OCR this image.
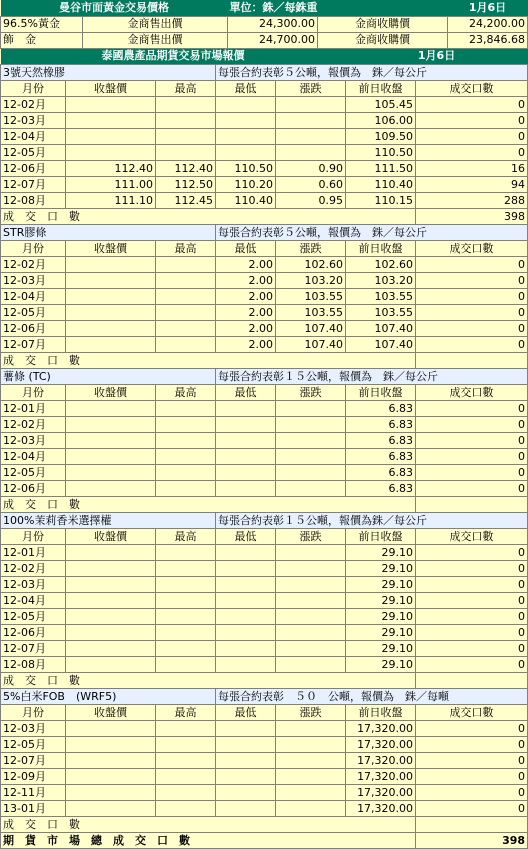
曼谷市面黃金交易價格		單位：銖／每銖重		1月6日
96.5%黃金	金商售出價	24,300.00	金商收購價	24,200.00
飾　金	金商售出價	24,700.00	金商收購價	23,846.68
泰國農產品期貨交易市場報價					1月6日	
3號天然橡膠			每張合約表彰５公噸，報價為　銖／每公斤			
月份	收盤價	最高	最低	漲跌	前日收盤	成交口數
12-02月					105.45	0
12-03月					106.00	0
12-04月					109.50	0
12-05月					110.50	0
12-06月	112.40	112.40	110.50	0.90	111.50	16
12-07月	111.00	112.50	110.20	0.60	110.40	94
12-08月	111.10	112.45	110.40	0.95	110.15	288
成　交　口　數						398
STR膠條			每張合約表彰５公噸，報價為　銖／每公斤			
月份	收盤價	最高	最低	漲跌	前日收盤	成交口數
12-02月			2.00	102.60	102.60	0
12-03月			2.00	103.20	103.20	0
12-04月			2.00	103.55	103.55	0
12-05月			2.00	103.55	103.55	0
12-06月			2.00	107.40	107.40	0
12-07月			2.00	107.40	107.40	0
成　交　口　數						
薯條 (TC)			每張合約表彰１５公噸，報價為　銖／每公斤			
月份	收盤價	最高	最低	漲跌	前日收盤	成交口數
12-01月					6.83	0
12-02月					6.83	0
12-03月					6.83	0
12-04月					6.83	0
12-05月					6.83	0
12-06月					6.83	0
成　交　口　數						
100%茉莉香米選擇權			每張合約表彰１５公噸，報價為銖／每公斤			
月份	收盤價	最高	最低	漲跌	前日收盤	成交口數
12-01月					29.10	0
12-02月					29.10	0
12-03月					29.10	0
12-04月					29.10	0
12-05月					29.10	0
12-06月					29.10	0
12-07月					29.10	0
12-08月					29.10	0
成　交　口　數						
5%白米FOB　(WRF5)			每張合約表彰　５０　公噸，報價為　銖／每噸			
月份	收盤價	最高	最低	漲跌	前日收盤	成交口數
12-03月					17,320.00	0
12-05月					17,320.00	0
12-07月					17,320.00	0
12-09月					17,320.00	0
12-11月					17,320.00	0
13-01月					17,320.00	0
成　交　口　數						
期　貨　市　場　總　成　交　口　數						398
